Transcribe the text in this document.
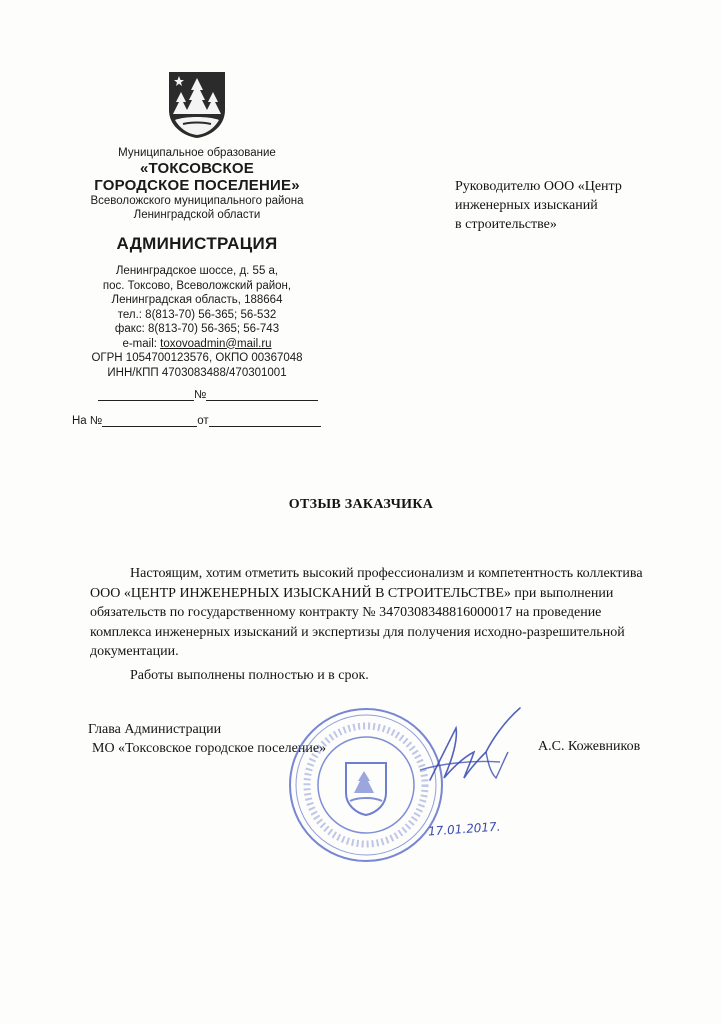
Муниципальное образование
«ТОКСОВСКОЕ
ГОРОДСКОЕ ПОСЕЛЕНИЕ»
Всеволожского муниципального района
Ленинградской области
АДМИНИСТРАЦИЯ
Ленинградское шоссе, д. 55 а,
пос. Токсово, Всеволожский район,
Ленинградская область, 188664
тел.: 8(813-70) 56-365; 56-532
факс: 8(813-70) 56-365; 56-743
e-mail: toxovoadmin@mail.ru
ОГРН 1054700123576, ОКПО 00367048
ИНН/КПП 4703083488/470301001
№
На №	от
Руководителю ООО «Центр
инженерных изысканий
в строительстве»
ОТЗЫВ ЗАКАЗЧИКА

Настоящим, хотим отметить высокий профессионализм и компетентность коллектива ООО «ЦЕНТР ИНЖЕНЕРНЫХ ИЗЫСКАНИЙ В СТРОИТЕЛЬСТВЕ» при выполнении обязательств по государственному контракту № 3470308348816000017 на проведение комплекса инженерных изысканий и экспертизы для получения исходно-разрешительной документации.

Работы выполнены полностью и в срок.

Глава Администрации
МО «Токсовское городское поселение»	А.С. Кожевников
17.01.2017.
